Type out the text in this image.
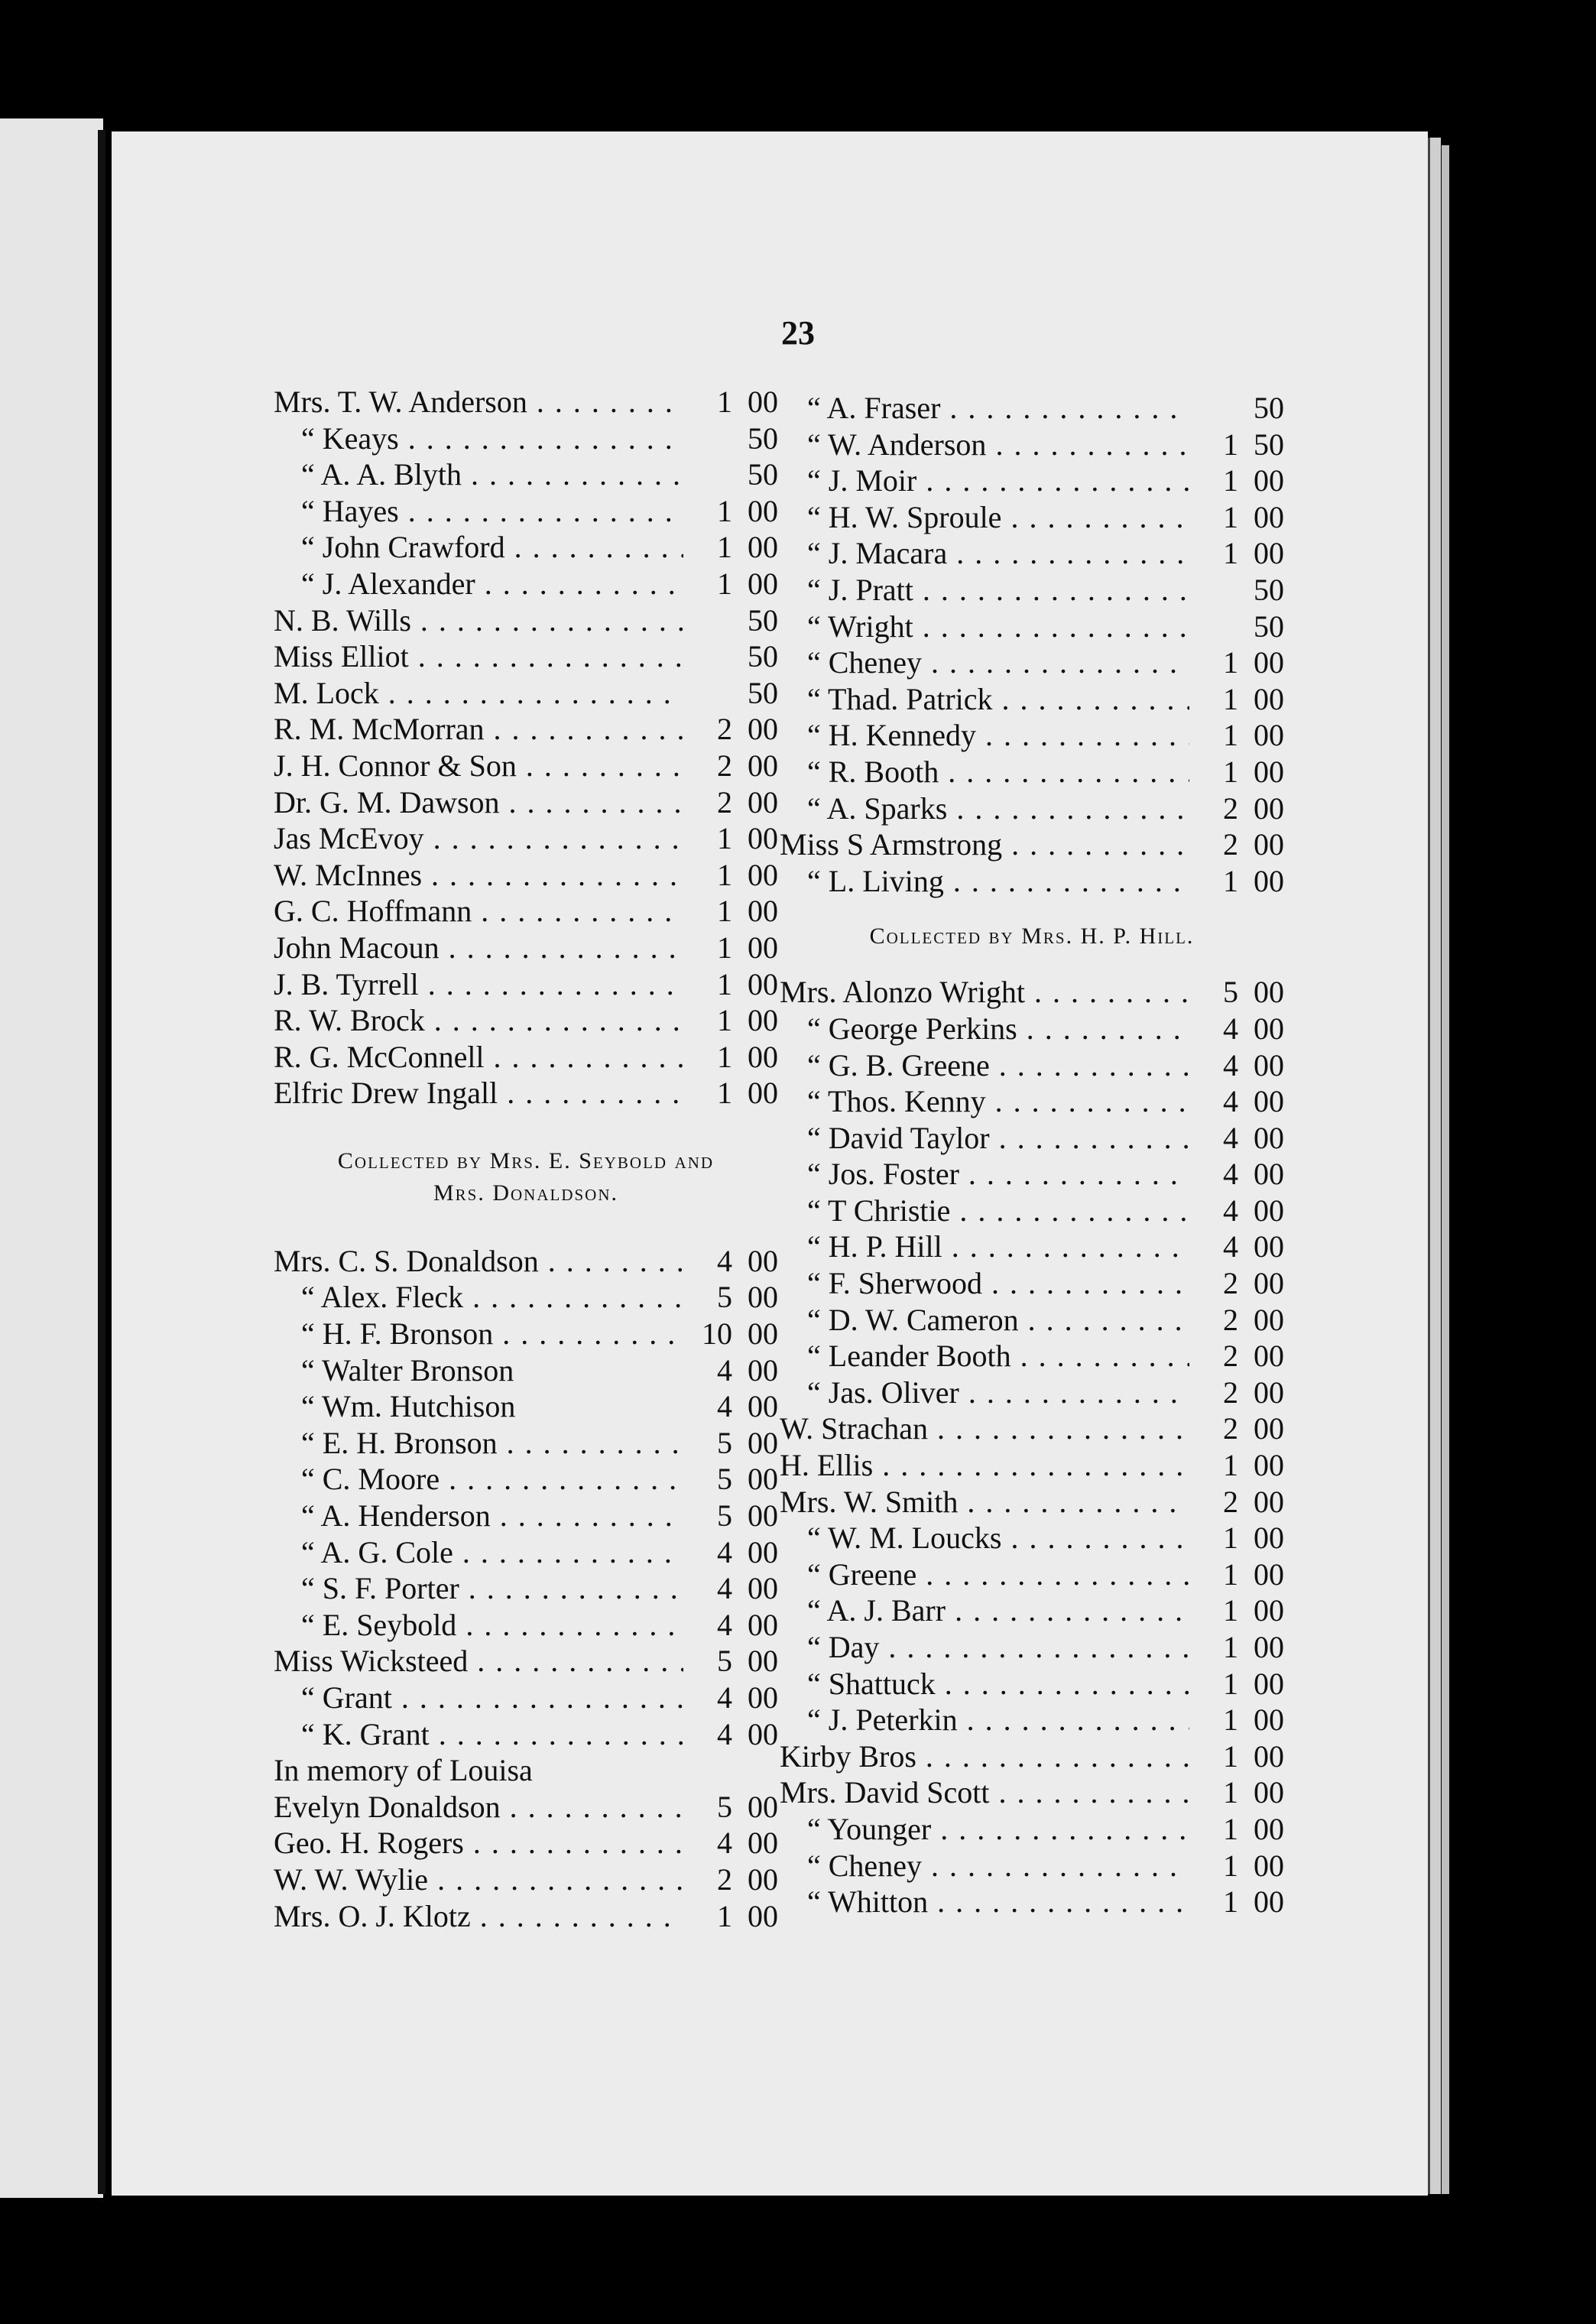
23
Mrs. T. W. Anderson . . .	1 00
“ Keays . . .	50
“ A. A. Blyth . . .	50
“ Hayes . . .	1 00
“ John Crawford . . .	1 00
“ J. Alexander . . .	1 00
N. B. Wills . . .	50
Miss Elliot . . .	50
M. Lock . . .	50
R. M. McMorran . . .	2 00
J. H. Connor & Son . . .	2 00
Dr. G. M. Dawson . . .	2 00
Jas McEvoy . . .	1 00
W. McInnes . . .	1 00
G. C. Hoffmann . . .	1 00
John Macoun . . .	1 00
J. B. Tyrrell . . .	1 00
R. W. Brock . . .	1 00
R. G. McConnell . . .	1 00
Elfric Drew Ingall . . .	1 00
Collected by Mrs. E. Seybold and
Mrs. Donaldson.
Mrs. C. S. Donaldson . . .	4 00
“ Alex. Fleck . . .	5 00
“ H. F. Bronson . . .	10 00
“ Walter Bronson	4 00
“ Wm. Hutchison	4 00
“ E. H. Bronson . . .	5 00
“ C. Moore . . .	5 00
“ A. Henderson . . .	5 00
“ A. G. Cole . . .	4 00
“ S. F. Porter . . .	4 00
“ E. Seybold . . .	4 00
Miss Wicksteed . . .	5 00
“ Grant . . .	4 00
“ K. Grant . . .	4 00
In memory of Louisa
Evelyn Donaldson . . .	5 00
Geo. H. Rogers . . .	4 00
W. W. Wylie . . .	2 00
Mrs. O. J. Klotz . . .	1 00
“ A. Fraser . . .	50
“ W. Anderson . . .	1 50
“ J. Moir . . .	1 00
“ H. W. Sproule . . .	1 00
“ J. Macara . . .	1 00
“ J. Pratt . . .	50
“ Wright . . .	50
“ Cheney . . .	1 00
“ Thad. Patrick . . .	1 00
“ H. Kennedy . . .	1 00
“ R. Booth . . .	1 00
“ A. Sparks . . .	2 00
Miss S Armstrong . . .	2 00
“ L. Living . . .	1 00
Collected by Mrs. H. P. Hill.
Mrs. Alonzo Wright . . .	5 00
“ George Perkins . . .	4 00
“ G. B. Greene . . .	4 00
“ Thos. Kenny . . .	4 00
“ David Taylor . . .	4 00
“ Jos. Foster . . .	4 00
“ T Christie . . .	4 00
“ H. P. Hill . . .	4 00
“ F. Sherwood . . .	2 00
“ D. W. Cameron . . .	2 00
“ Leander Booth . . .	2 00
“ Jas. Oliver . . .	2 00
W. Strachan . . .	2 00
H. Ellis . . .	1 00
Mrs. W. Smith . . .	2 00
“ W. M. Loucks . . .	1 00
“ Greene . . .	1 00
“ A. J. Barr . . .	1 00
“ Day . . .	1 00
“ Shattuck . . .	1 00
“ J. Peterkin . . .	1 00
Kirby Bros . . .	1 00
Mrs. David Scott . . .	1 00
“ Younger . . .	1 00
“ Cheney . . .	1 00
“ Whitton . . .	1 00
